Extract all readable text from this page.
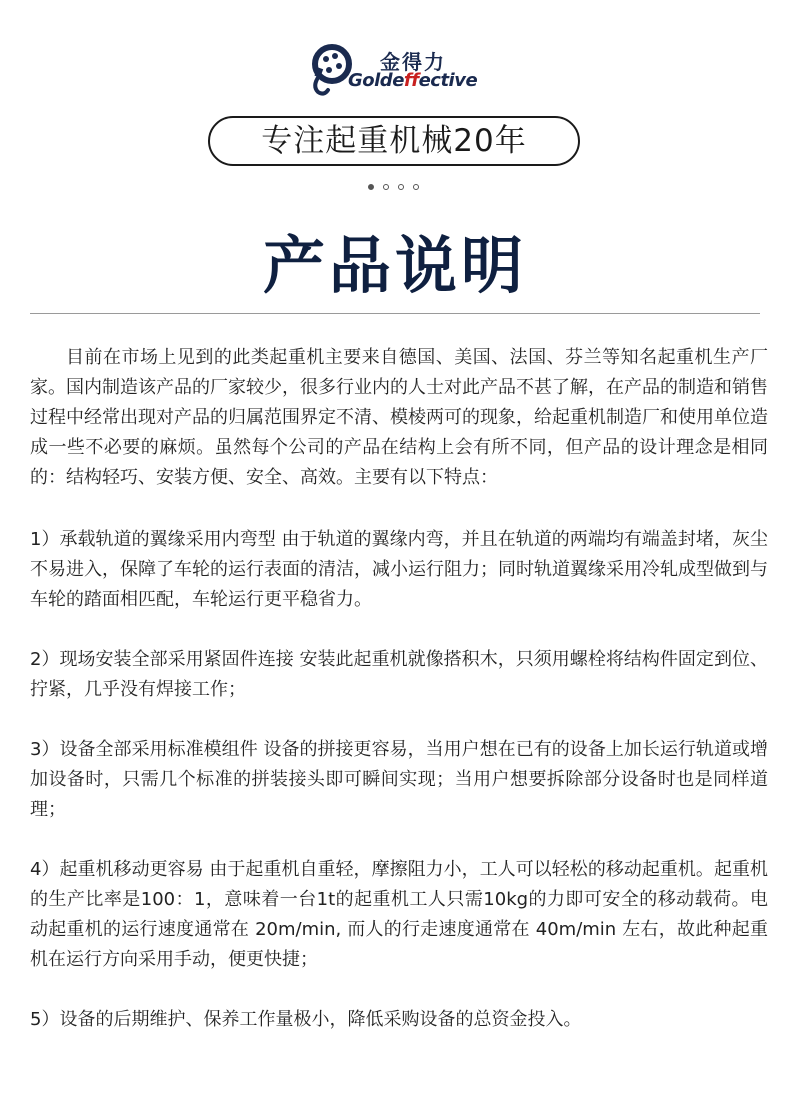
金得力
Goldeffective
专注起重机械20年
产品说明

目前在市场上见到的此类起重机主要来自德国、美国、法国、芬兰等知名起重机生产厂家。国内制造该产品的厂家较少，很多行业内的人士对此产品不甚了解，在产品的制造和销售过程中经常出现对产品的归属范围界定不清、模棱两可的现象，给起重机制造厂和使用单位造成一些不必要的麻烦。虽然每个公司的产品在结构上会有所不同，但产品的设计理念是相同的：结构轻巧、安装方便、安全、高效。主要有以下特点：

1）承载轨道的翼缘采用内弯型 由于轨道的翼缘内弯，并且在轨道的两端均有端盖封堵，灰尘不易进入，保障了车轮的运行表面的清洁，减小运行阻力；同时轨道翼缘采用冷轧成型做到与车轮的踏面相匹配，车轮运行更平稳省力。

2）现场安装全部采用紧固件连接 安装此起重机就像搭积木，只须用螺栓将结构件固定到位、拧紧，几乎没有焊接工作；

3）设备全部采用标准模组件 设备的拼接更容易，当用户想在已有的设备上加长运行轨道或增加设备时，只需几个标准的拼装接头即可瞬间实现；当用户想要拆除部分设备时也是同样道理；

4）起重机移动更容易 由于起重机自重轻，摩擦阻力小，工人可以轻松的移动起重机。起重机的生产比率是100：1，意味着一台1t的起重机工人只需10kg的力即可安全的移动载荷。电动起重机的运行速度通常在 20m/min, 而人的行走速度通常在 40m/min 左右，故此种起重机在运行方向采用手动，便更快捷；

5）设备的后期维护、保养工作量极小，降低采购设备的总资金投入。
